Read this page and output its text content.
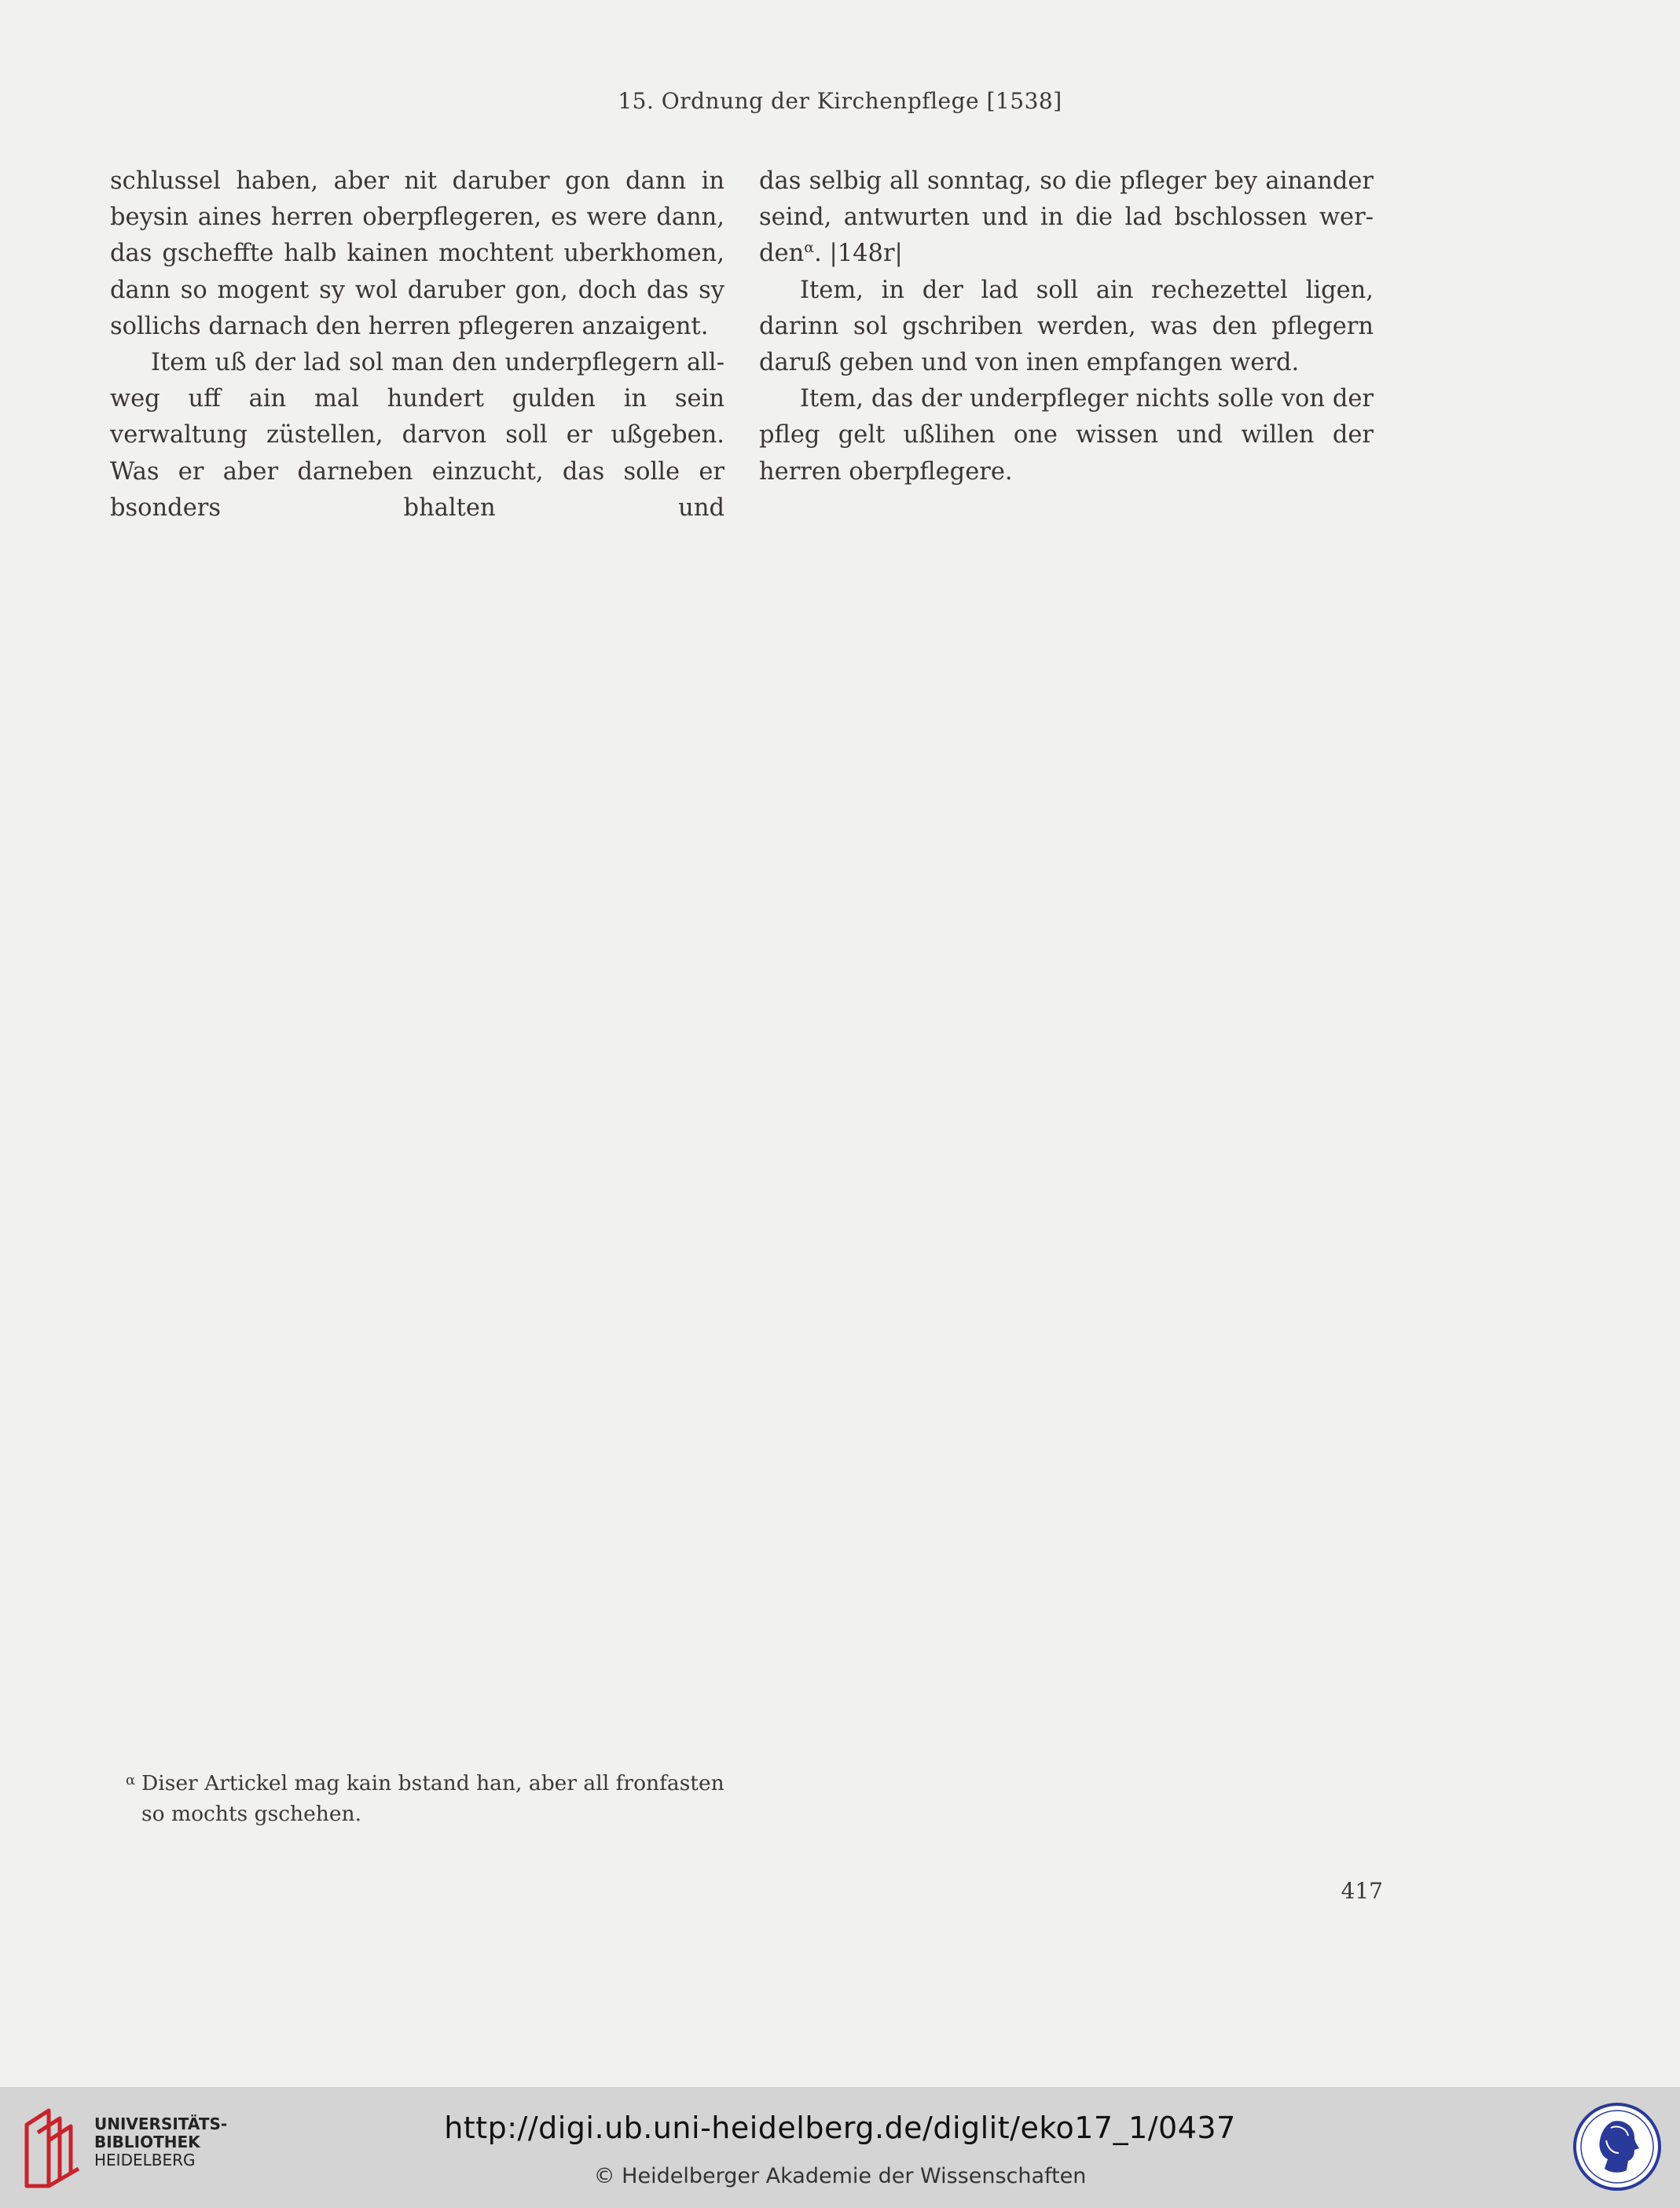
15. Ordnung der Kirchenpflege [1538]

schlussel haben, aber nit daruber gon dann in beysin aines herren oberpflegeren, es were dann, das gscheffte halb kainen mochtent uberkhomen, dann so mogent sy wol daruber gon, doch das sy sollichs darnach den herren pflegeren anzaigent.

Item uß der lad sol man den underpflegern allweg uff ain mal hundert gulden in sein verwaltung züstellen, darvon soll er ußgeben. Was er aber darneben einzucht, das solle er bsonders bhalten und

das selbig all sonntag, so die pfleger bey ainander seind, antwurten und in die lad bschlossen werden$^\alpha$. |148r|

Item, in der lad soll ain rechezettel ligen, darinn sol gschriben werden, was den pflegern daruß geben und von inen empfangen werd.

Item, das der underpfleger nichts solle von der pfleg gelt ußlihen one wissen und willen der herren oberpflegere.

α Diser Artickel mag kain bstand han, aber all fronfasten so mochts gschehen.
417
UNIVERSITÄTS-
BIBLIOTHEK
HEIDELBERG
http://digi.ub.uni-heidelberg.de/diglit/eko17_1/0437
© Heidelberger Akademie der Wissenschaften
